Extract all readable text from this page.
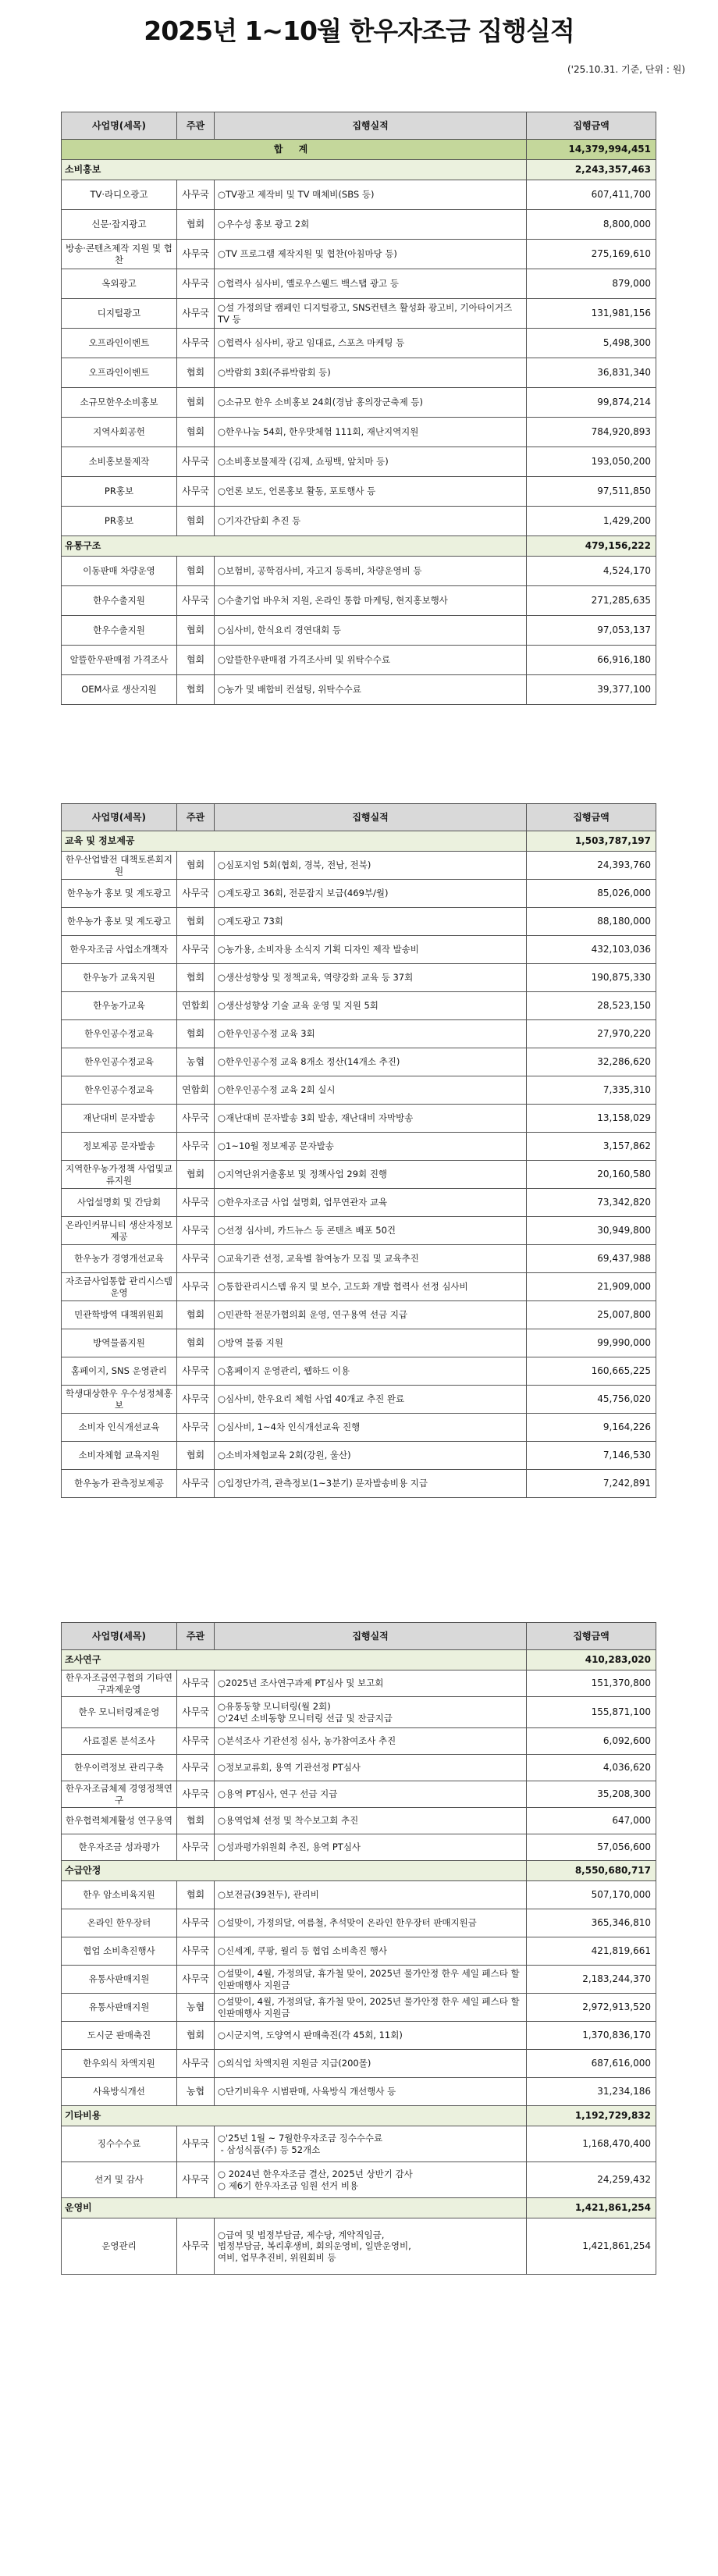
2025년 1~10월 한우자조금 집행실적
('25.10.31. 기준, 단위 : 원)
사업명(세목)	주관	집행실적	집행금액
합 계			14,379,994,451
소비홍보			2,243,357,463
TV·라디오광고	사무국	○TV광고 제작비 및 TV 매체비(SBS 등)	607,411,700
신문·잡지광고	협회	○우수성 홍보 광고 2회	8,800,000
방송·콘텐츠제작 지원 및 협찬	사무국	○TV 프로그램 제작지원 및 협찬(아침마당 등)	275,169,610
옥외광고	사무국	○협력사 심사비, 옐로우스웰드 백스탭 광고 등	879,000
디지털광고	사무국	○설 가정의달 캠페인 디지털광고, SNS컨텐츠 활성화 광고비, 기아타이거즈TV 등	131,981,156
오프라인이벤트	사무국	○협력사 심사비, 광고 임대료, 스포츠 마케팅 등	5,498,300
오프라인이벤트	협회	○박람회 3회(주류박람회 등)	36,831,340
소규모한우소비홍보	협회	○소규모 한우 소비홍보 24회(경남 홍의장군축제 등)	99,874,214
지역사회공헌	협회	○한우나눔 54회, 한우맛체험 111회, 재난지역지원	784,920,893
소비홍보물제작	사무국	○소비홍보물제작 (김제, 쇼핑백, 앞치마 등)	193,050,200
PR홍보	사무국	○언론 보도, 언론홍보 활동, 포토행사 등	97,511,850
PR홍보	협회	○기자간담회 추진 등	1,429,200
유통구조			479,156,222
이동판매 차량운영	협회	○보험비, 공학검사비, 자고지 등록비, 차량운영비 등	4,524,170
한우수출지원	사무국	○수출기업 바우처 지원, 온라인 통합 마케팅, 현지홍보행사	271,285,635
한우수출지원	협회	○심사비, 한식요리 경연대회 등	97,053,137
알뜰한우판매점 가격조사	협회	○알뜰한우판매점 가격조사비 및 위탁수수료	66,916,180
OEM사료 생산지원	협회	○농가 및 배합비 컨설팅, 위탁수수료	39,377,100
사업명(세목)	주관	집행실적	집행금액
교육 및 정보제공			1,503,787,197
한우산업발전 대책토론회지원	협회	○심포지엄 5회(협회, 경북, 전남, 전북)	24,393,760
한우농가 홍보 및 계도광고	사무국	○계도광고 36회, 전문잡지 보급(469부/월)	85,026,000
한우농가 홍보 및 계도광고	협회	○계도광고 73회	88,180,000
한우자조금 사업소개책자	사무국	○농가용, 소비자용 소식지 기획 디자인 제작 발송비	432,103,036
한우농가 교육지원	협회	○생산성향상 및 정책교육, 역량강화 교육 등 37회	190,875,330
한우농가교육	연합회	○생산성향상 기술 교육 운영 및 지원 5회	28,523,150
한우인공수정교육	협회	○한우인공수정 교육 3회	27,970,220
한우인공수정교육	농협	○한우인공수정 교육 8개소 정산(14개소 추진)	32,286,620
한우인공수정교육	연합회	○한우인공수정 교육 2회 실시	7,335,310
재난대비 문자발송	사무국	○재난대비 문자발송 3회 발송, 재난대비 자막방송	13,158,029
정보제공 문자발송	사무국	○1~10월 정보제공 문자발송	3,157,862
지역한우농가정책 사업및교류지원	협회	○지역단위거출홍보 및 정책사업 29회 진행	20,160,580
사업설명회 및 간담회	사무국	○한우자조금 사업 설명회, 업무연관자 교육	73,342,820
온라인커뮤니티 생산자정보제공	사무국	○선정 심사비, 카드뉴스 등 콘텐츠 배포 50건	30,949,800
한우농가 경영개선교육	사무국	○교육기관 선정, 교육별 참여농가 모집 및 교육추진	69,437,988
자조금사업통합 관리시스템운영	사무국	○통합관리시스템 유지 및 보수, 고도화 개발 협력사 선정 심사비	21,909,000
민관학방역 대책위원회	협회	○민관학 전문가협의회 운영, 연구용역 선금 지급	25,007,800
방역물품지원	협회	○방역 물품 지원	99,990,000
홈페이지, SNS 운영관리	사무국	○홈페이지 운영관리, 웹하드 이용	160,665,225
학생대상한우 우수성정체홍보	사무국	○심사비, 한우요리 체험 사업 40개교 추진 완료	45,756,020
소비자 인식개선교육	사무국	○심사비, 1~4차 인식개선교육 진행	9,164,226
소비자체험 교육지원	협회	○소비자체험교육 2회(강원, 울산)	7,146,530
한우농가 관측정보제공	사무국	○입정단가격, 관측정보(1~3분기) 문자발송비용 지급	7,242,891
사업명(세목)	주관	집행실적	집행금액
조사연구			410,283,020
한우자조금연구협의 기타연구과제운영	사무국	○2025년 조사연구과제 PT심사 및 보고회	151,370,800
한우 모니터링제운영	사무국	○유통동향 모니터링(월 2회)
○'24년 소비동향 모니터링 선급 및 잔금지급	155,871,100
사료절론 분석조사	사무국	○분석조사 기관선정 심사, 농가참여조사 추진	6,092,600
한우이력정보 관리구축	사무국	○정보교류회, 용역 기관선정 PT심사	4,036,620
한우자조금체제 경영정책연구	사무국	○용역 PT심사, 연구 선급 지급	35,208,300
한우협력체계활성 연구용역	협회	○용역업체 선정 및 착수보고회 추진	647,000
한우자조금 성과평가	사무국	○성과평가위원회 추진, 용역 PT심사	57,056,600
수급안정			8,550,680,717
한우 암소비육지원	협회	○보전금(39천두), 관리비	507,170,000
온라인 한우장터	사무국	○설맞이, 가정의달, 여름철, 추석맞이 온라인 한우장터 판매지원금	365,346,810
협업 소비촉진행사	사무국	○신세계, 쿠팡, 월리 등 협업 소비촉진 행사	421,819,661
유통사판매지원	사무국	○설맞이, 4월, 가정의달, 휴가철 맞이, 2025년 물가안정 한우 세일 페스타 할인판매행사 지원금	2,183,244,370
유통사판매지원	농협	○설맞이, 4월, 가정의달, 휴가철 맞이, 2025년 물가안정 한우 세일 페스타 할인판매행사 지원금	2,972,913,520
도시군 판매축진	협회	○시군지역, 도양역시 판매축진(각 45회, 11회)	1,370,836,170
한우외식 차액지원	사무국	○외식업 차액지원 지원금 지급(200몰)	687,616,000
사육방식개선	농협	○단기비육우 시범판매, 사육방식 개선행사 등	31,234,186
기타비용			1,192,729,832
징수수수료	사무국	○'25년 1월 ~ 7월한우자조금 징수수수료
- 삼성식품(주) 등 52개소	1,168,470,400
선거 및 감사	사무국	○ 2024년 한우자조금 결산, 2025년 상반기 감사
○ 제6기 한우자조금 임원 선거 비용	24,259,432
운영비			1,421,861,254
운영관리	사무국	○급여 및 법정부담금, 제수당, 계약직임금,
법정부담금, 복리후생비, 회의운영비, 일반운영비,
여비, 업무추진비, 위원회비 등	1,421,861,254
